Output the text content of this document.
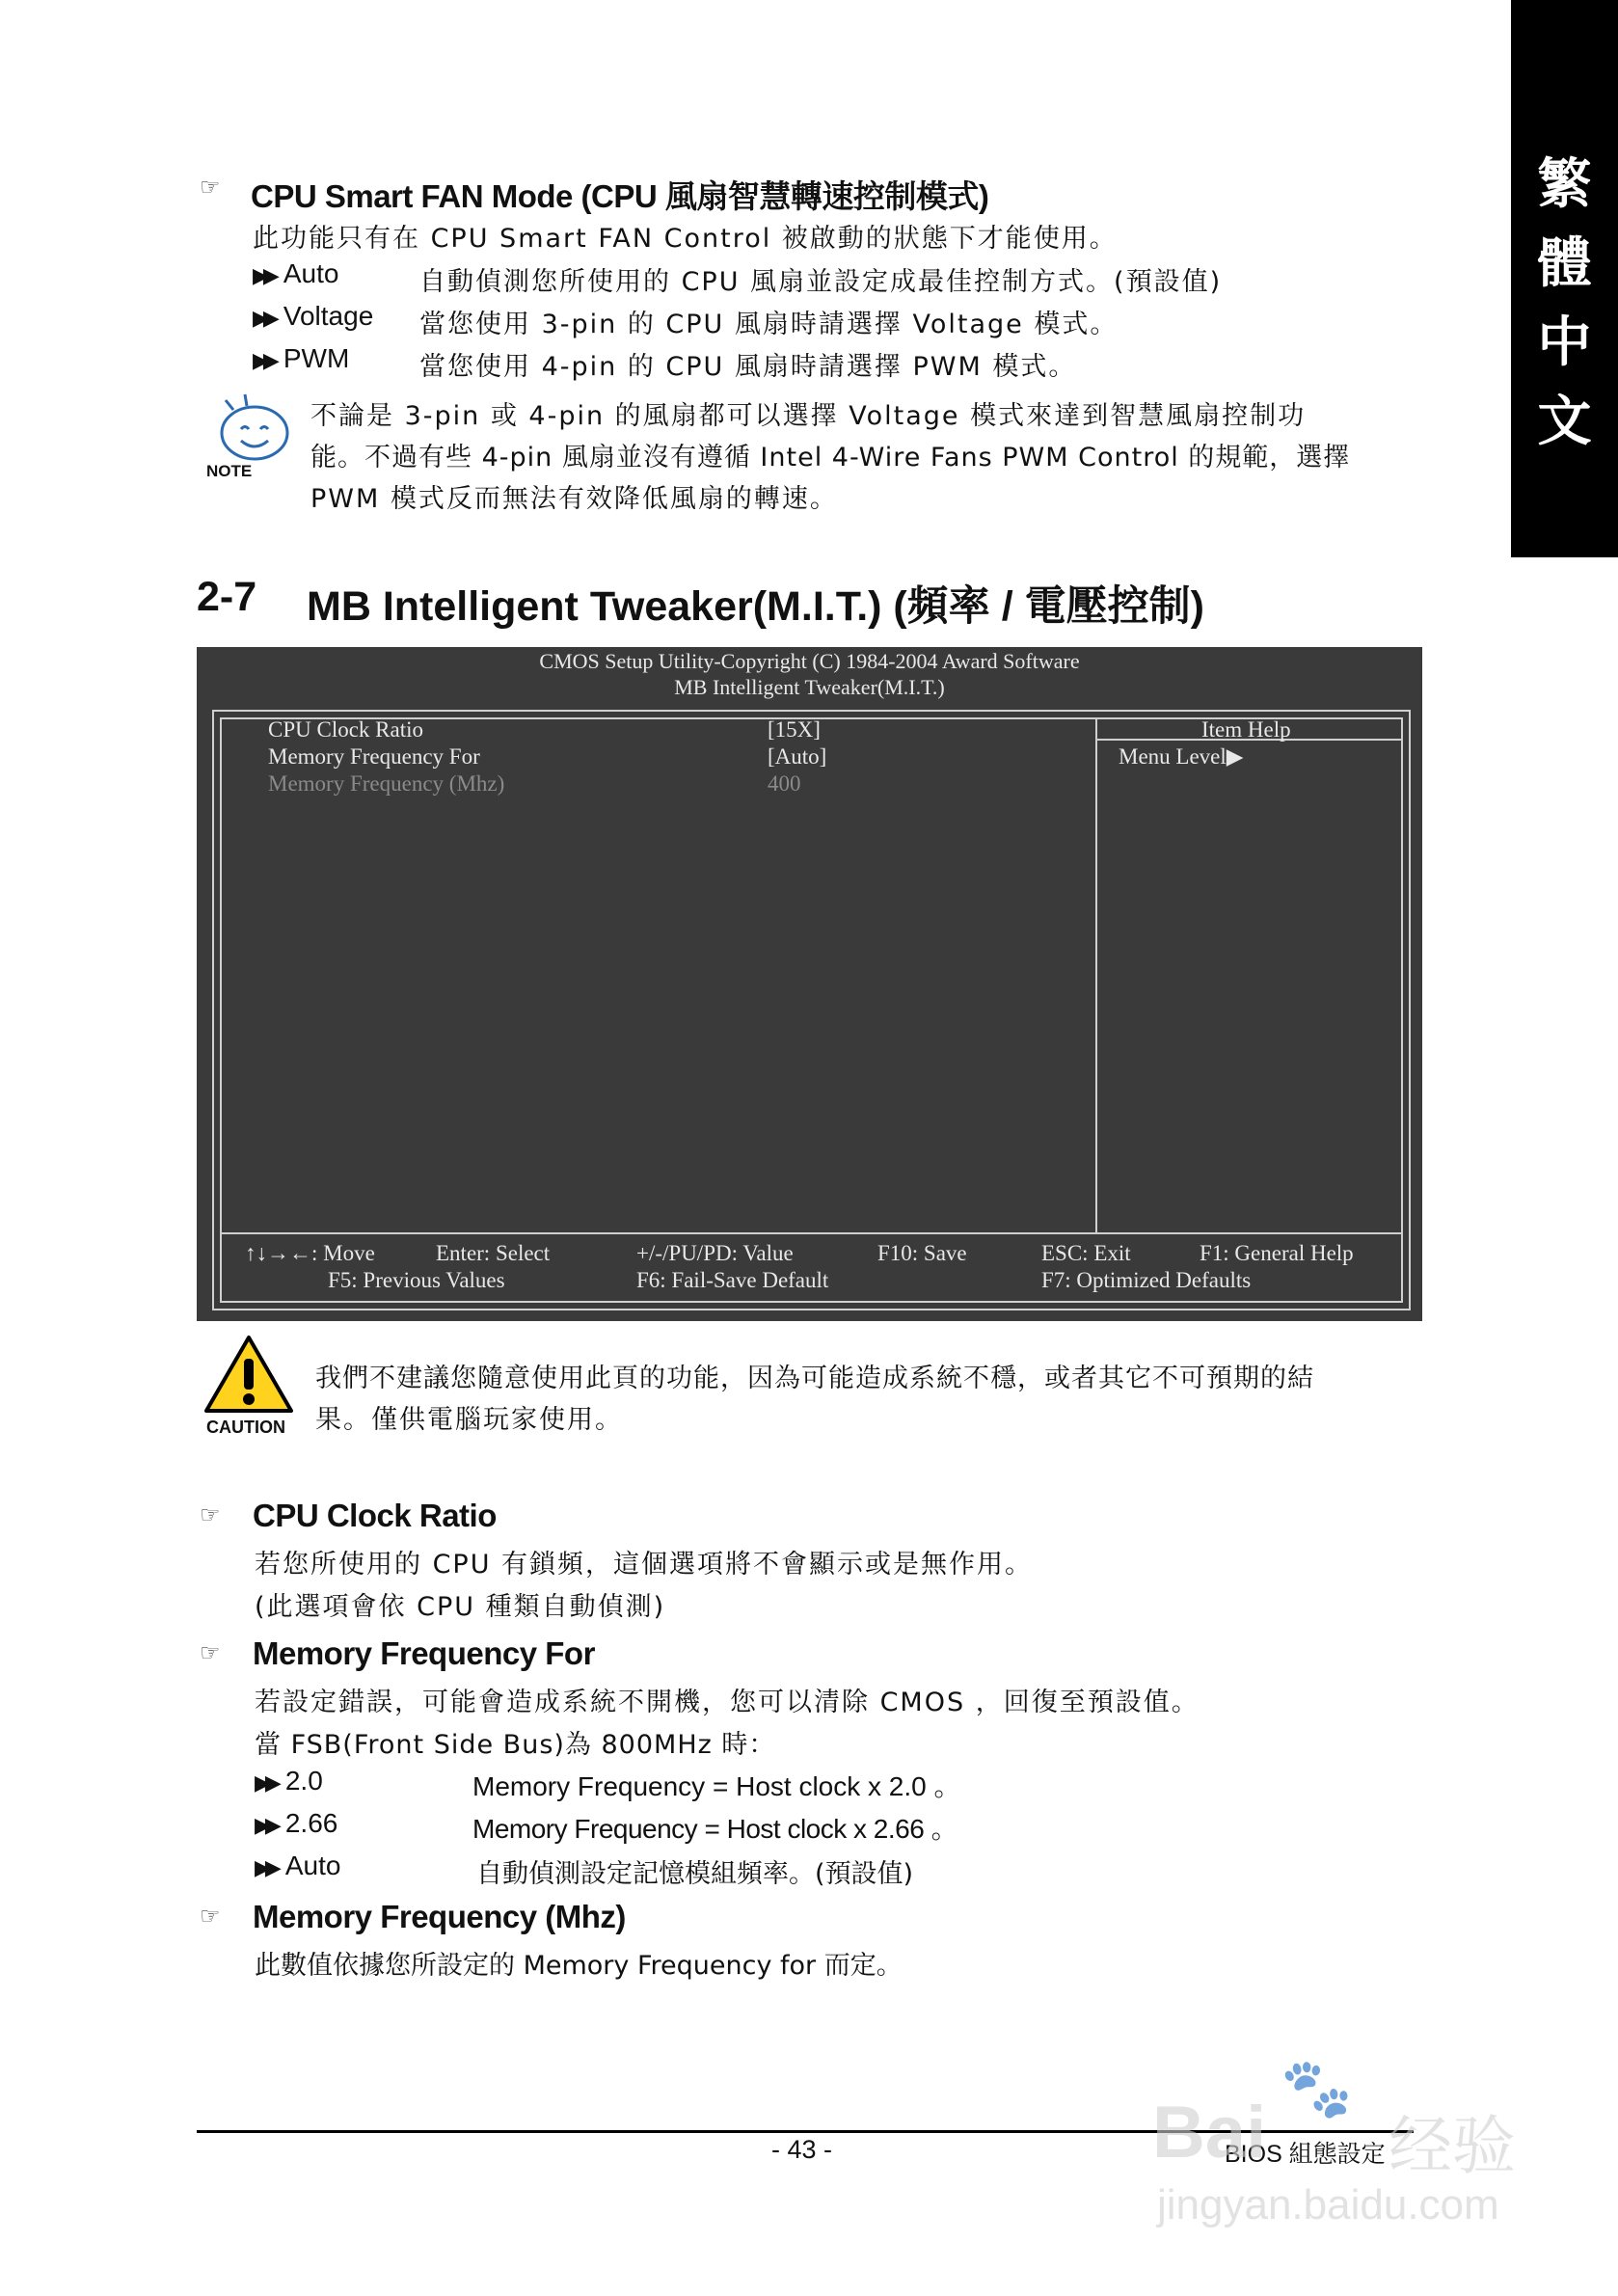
繁
體
中
文
☞ CPU Smart FAN Mode (CPU 風扇智慧轉速控制模式)
此功能只有在 CPU Smart FAN Control 被啟動的狀態下才能使用。
▶▶ Auto	自動偵測您所使用的 CPU 風扇並設定成最佳控制方式。(預設值)
▶▶ Voltage 當您使用 3-pin 的 CPU 風扇時請選擇 Voltage 模式。
▶▶ PWM	當您使用 4-pin 的 CPU 風扇時請選擇 PWM 模式。
NOTE
不論是 3-pin 或 4-pin 的風扇都可以選擇 Voltage 模式來達到智慧風扇控制功
能。不過有些 4-pin 風扇並沒有遵循 Intel 4-Wire Fans PWM Control 的規範，選擇
PWM 模式反而無法有效降低風扇的轉速。
2-7 MB Intelligent Tweaker(M.I.T.) (頻率 / 電壓控制)
CMOS Setup Utility-Copyright (C) 1984-2004 Award Software
MB Intelligent Tweaker(M.I.T.)
CPU Clock Ratio	[15X]
Memory Frequency For	[Auto]
Memory Frequency (Mhz)	400
Item Help
Menu Level▶
↑↓→←: Move	Enter: Select	+/-/PU/PD: Value	F10: Save	ESC: Exit	F1: General Help
F5: Previous Values	F6: Fail-Save Default	F7: Optimized Defaults
CAUTION
我們不建議您隨意使用此頁的功能，因為可能造成系統不穩，或者其它不可預期的結
果。僅供電腦玩家使用。
☞ CPU Clock Ratio
若您所使用的 CPU 有鎖頻，這個選項將不會顯示或是無作用。
(此選項會依 CPU 種類自動偵測)
☞ Memory Frequency For
若設定錯誤，可能會造成系統不開機，您可以清除 CMOS ，回復至預設值。
當 FSB(Front Side Bus)為 800MHz 時：
▶▶ 2.0	Memory Frequency = Host clock x 2.0 。
▶▶ 2.66	Memory Frequency = Host clock x 2.66 。
▶▶ Auto	自動偵測設定記憶模組頻率。(預設值)
☞ Memory Frequency (Mhz)
此數值依據您所設定的 Memory Frequency for 而定。
- 43 -	BIOS 組態設定
Bai
🐾
经验
jingyan.baidu.com
